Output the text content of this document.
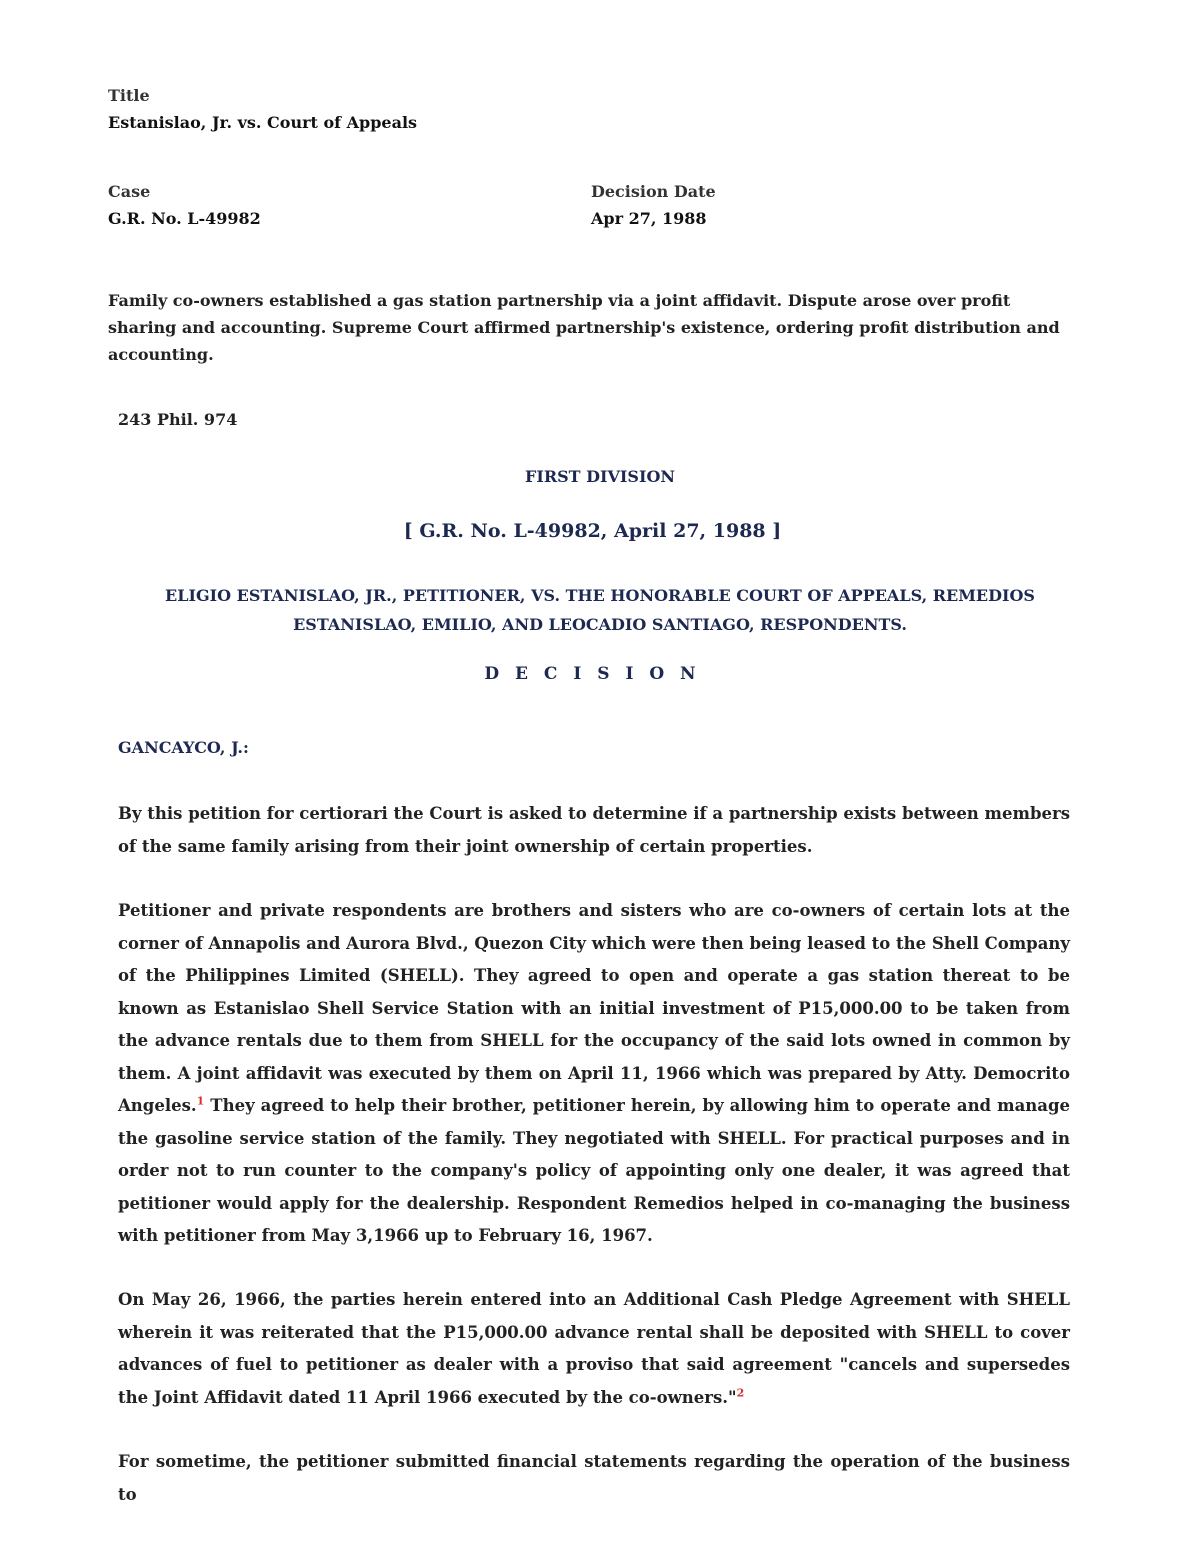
Title
Estanislao, Jr. vs. Court of Appeals
Case
G.R. No. L-49982
Decision Date
Apr 27, 1988
Family co-owners established a gas station partnership via a joint affidavit. Dispute arose over profit sharing and accounting. Supreme Court affirmed partnership's existence, ordering profit distribution and accounting.
243 Phil. 974
FIRST DIVISION
[ G.R. No. L-49982, April 27, 1988 ]
ELIGIO ESTANISLAO, JR., PETITIONER, VS. THE HONORABLE COURT OF APPEALS, REMEDIOS ESTANISLAO, EMILIO, AND LEOCADIO SANTIAGO, RESPONDENTS.
D E C I S I O N
GANCAYCO, J.:

By this petition for certiorari the Court is asked to determine if a partnership exists between members of the same family arising from their joint ownership of certain properties.

Petitioner and private respondents are brothers and sisters who are co-owners of certain lots at the corner of Annapolis and Aurora Blvd., Quezon City which were then being leased to the Shell Company of the Philippines Limited (SHELL). They agreed to open and operate a gas station thereat to be known as Estanislao Shell Service Station with an initial investment of P15,000.00 to be taken from the advance rentals due to them from SHELL for the occupancy of the said lots owned in common by them. A joint affidavit was executed by them on April 11, 1966 which was prepared by Atty. Democrito Angeles.$^1$ They agreed to help their brother, petitioner herein, by allowing him to operate and manage the gasoline service station of the family. They negotiated with SHELL. For practical purposes and in order not to run counter to the company's policy of appointing only one dealer, it was agreed that petitioner would apply for the dealership. Respondent Remedios helped in co-managing the business with petitioner from May 3,1966 up to February 16, 1967.

On May 26, 1966, the parties herein entered into an Additional Cash Pledge Agreement with SHELL wherein it was reiterated that the P15,000.00 advance rental shall be deposited with SHELL to cover advances of fuel to petitioner as dealer with a proviso that said agreement "cancels and supersedes the Joint Affidavit dated 11 April 1966 executed by the co-owners."$^2$

For sometime, the petitioner submitted financial statements regarding the operation of the business to
